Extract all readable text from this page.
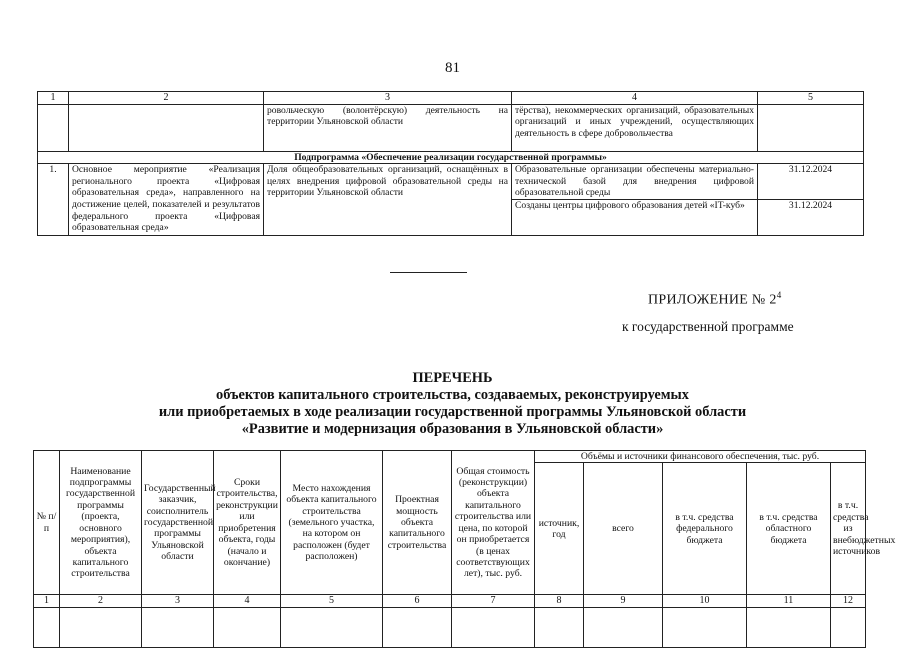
81
1	2	3	4	5
		ровольческую (волонтёрскую) деятельность на территории Ульяновской области	тёрства), некоммерческих организаций, образовательных организаций и иных учреждений, осуществляющих деятельность в сфере добровольчества	
Подпрограмма «Обеспечение реализации государственной программы»				
1.	Основное мероприятие «Реализация регионального проекта «Цифровая образовательная среда», направленного на достижение целей, показателей и результатов федерального проекта «Цифровая образовательная среда»	Доля общеобразовательных организаций, оснащённых в целях внедрения цифровой образовательной среды на территории Ульяновской области	Образовательные организации обеспечены материально-технической базой для внедрения цифровой образовательной среды	31.12.2024
			Созданы центры цифрового образования детей «IT-куб»	31.12.2024
ПРИЛОЖЕНИЕ № $2^4$
к государственной программе
ПЕРЕЧЕНЬ
объектов капитального строительства, создаваемых, реконструируемых
или приобретаемых в ходе реализации государственной программы Ульяновской области
«Развитие и модернизация образования в Ульяновской области»
№ п/п	Наименование подпрограммы государственной программы (проекта, основного мероприятия), объекта капитального строительства	Государственный заказчик, соисполнитель государственной программы Ульяновской области	Сроки строительства, реконструкции или приобретения объекта, годы (начало и окончание)	Место нахождения объекта капитального строительства (земельного участка, на котором он расположен (будет расположен)	Проектная мощность объекта капитального строительства	Общая стоимость (реконструкции) объекта капитального строительства или цена, по которой он приобретается (в ценах соответствующих лет), тыс. руб.	Объёмы и источники финансового обеспечения, тыс. руб.				
							источник, год	всего	в т.ч. средства федерального бюджета	в т.ч. средства областного бюджета	в т.ч. средства из внебюджетных источников
1	2	3	4	5	6	7	8	9	10	11	12
